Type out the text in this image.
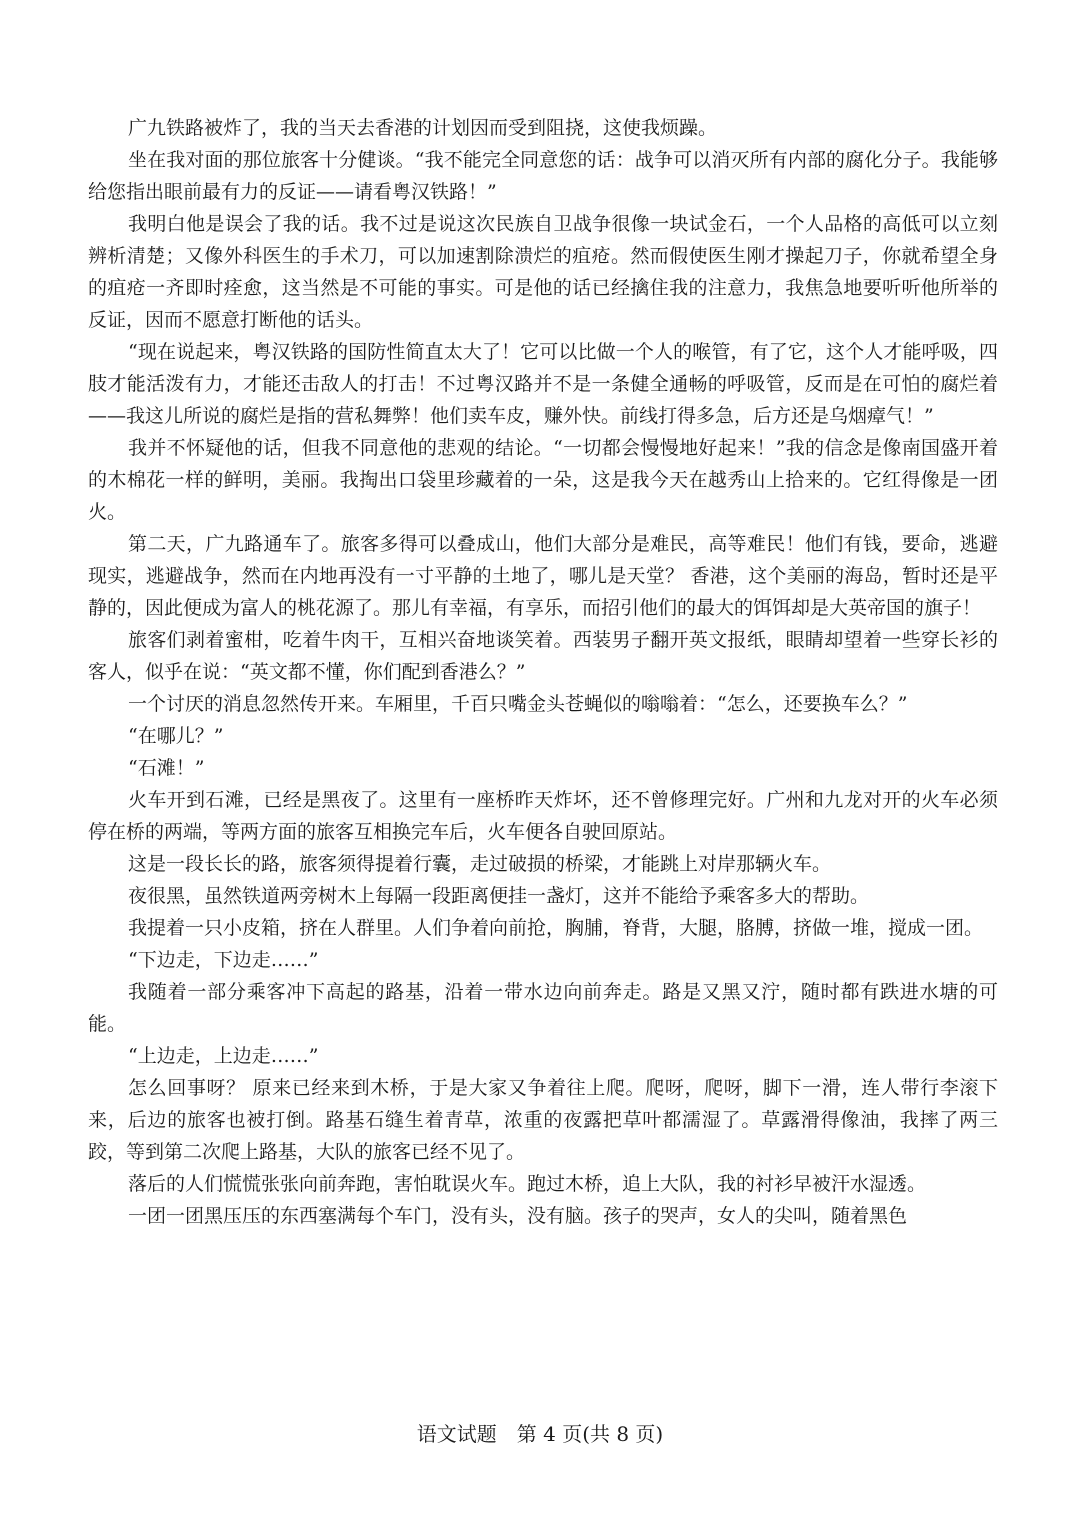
广九铁路被炸了，我的当天去香港的计划因而受到阻挠，这使我烦躁。

坐在我对面的那位旅客十分健谈。“我不能完全同意您的话：战争可以消灭所有内部的腐化分子。我能够给您指出眼前最有力的反证——请看粤汉铁路！”

我明白他是误会了我的话。我不过是说这次民族自卫战争很像一块试金石，一个人品格的高低可以立刻辨析清楚；又像外科医生的手术刀，可以加速割除溃烂的疽疮。然而假使医生刚才操起刀子，你就希望全身的疽疮一齐即时痊愈，这当然是不可能的事实。可是他的话已经擒住我的注意力，我焦急地要听听他所举的反证，因而不愿意打断他的话头。

“现在说起来，粤汉铁路的国防性简直太大了！它可以比做一个人的喉管，有了它，这个人才能呼吸，四肢才能活泼有力，才能还击敌人的打击！不过粤汉路并不是一条健全通畅的呼吸管，反而是在可怕的腐烂着——我这儿所说的腐烂是指的营私舞弊！他们卖车皮，赚外快。前线打得多急，后方还是乌烟瘴气！”

我并不怀疑他的话，但我不同意他的悲观的结论。“一切都会慢慢地好起来！”我的信念是像南国盛开着的木棉花一样的鲜明，美丽。我掏出口袋里珍藏着的一朵，这是我今天在越秀山上拾来的。它红得像是一团火。

第二天，广九路通车了。旅客多得可以叠成山，他们大部分是难民，高等难民！他们有钱，要命，逃避现实，逃避战争，然而在内地再没有一寸平静的土地了，哪儿是天堂？ 香港，这个美丽的海岛，暂时还是平静的，因此便成为富人的桃花源了。那儿有幸福，有享乐，而招引他们的最大的饵饵却是大英帝国的旗子！

旅客们剥着蜜柑，吃着牛肉干，互相兴奋地谈笑着。西装男子翻开英文报纸，眼睛却望着一些穿长衫的客人，似乎在说：“英文都不懂，你们配到香港么？”

一个讨厌的消息忽然传开来。车厢里，千百只嘴金头苍蝇似的嗡嗡着：“怎么，还要换车么？”

“在哪儿？”

“石滩！”

火车开到石滩，已经是黑夜了。这里有一座桥昨天炸坏，还不曾修理完好。广州和九龙对开的火车必须停在桥的两端，等两方面的旅客互相换完车后，火车便各自驶回原站。

这是一段长长的路，旅客须得提着行囊，走过破损的桥梁，才能跳上对岸那辆火车。

夜很黑，虽然铁道两旁树木上每隔一段距离便挂一盏灯，这并不能给予乘客多大的帮助。

我提着一只小皮箱，挤在人群里。人们争着向前抢，胸脯，脊背，大腿，胳膊，挤做一堆，搅成一团。

“下边走，下边走……”

我随着一部分乘客冲下高起的路基，沿着一带水边向前奔走。路是又黑又泞，随时都有跌进水塘的可能。

“上边走，上边走……”

怎么回事呀？ 原来已经来到木桥，于是大家又争着往上爬。爬呀，爬呀，脚下一滑，连人带行李滚下来，后边的旅客也被打倒。路基石缝生着青草，浓重的夜露把草叶都濡湿了。草露滑得像油，我摔了两三跤，等到第二次爬上路基，大队的旅客已经不见了。

落后的人们慌慌张张向前奔跑，害怕耽误火车。跑过木桥，追上大队，我的衬衫早被汗水湿透。

一团一团黑压压的东西塞满每个车门，没有头，没有脑。孩子的哭声，女人的尖叫，随着黑色

语文试题　第 4 页(共 8 页)
